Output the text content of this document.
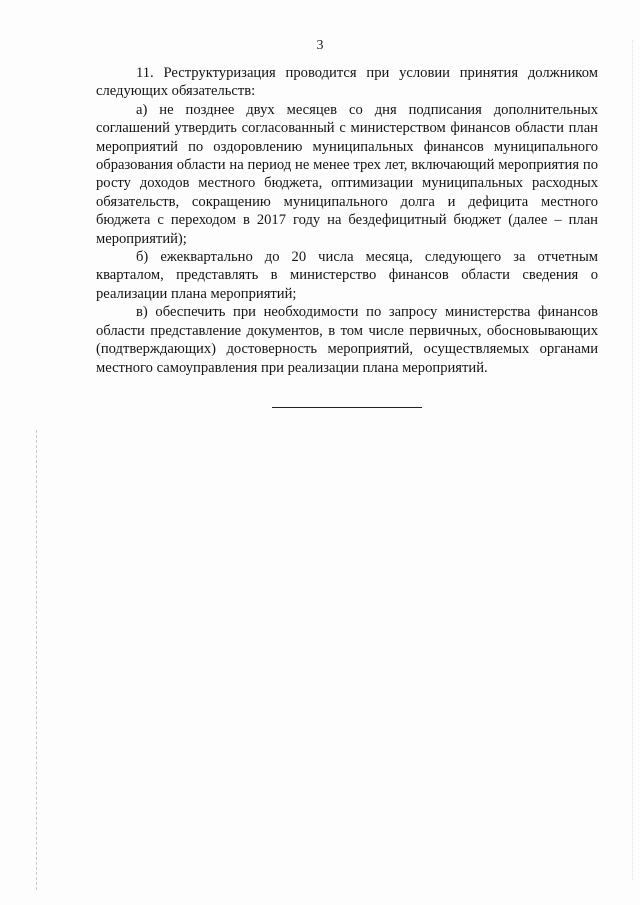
3

11. Реструктуризация проводится при условии принятия должником следующих обязательств:

а) не позднее двух месяцев со дня подписания дополнительных соглашений утвердить согласованный с министерством финансов области план мероприятий по оздоровлению муниципальных финансов муниципального образования области на период не менее трех лет, включающий мероприятия по росту доходов местного бюджета, оптимизации муниципальных расходных обязательств, сокращению муниципального долга и дефицита местного бюджета с переходом в 2017 году на бездефицитный бюджет (далее – план мероприятий);

б) ежеквартально до 20 числа месяца, следующего за отчетным кварталом, представлять в министерство финансов области сведения о реализации плана мероприятий;

в) обеспечить при необходимости по запросу министерства финансов области представление документов, в том числе первичных, обосновывающих (подтверждающих) достоверность мероприятий, осуществляемых органами местного самоуправления при реализации плана мероприятий.
